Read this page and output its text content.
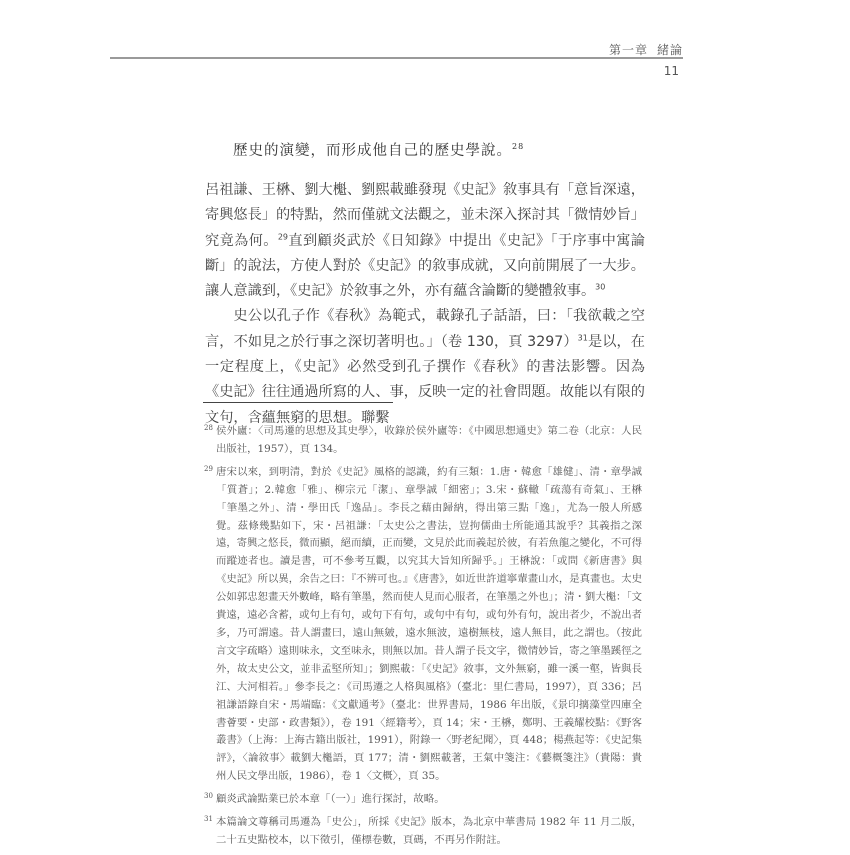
第一章 緒論
11
歷史的演變，而形成他自己的歷史學說。$^{28}$

呂祖謙、王楙、劉大櫆、劉熙載雖發現《史記》敘事具有「意旨深遠，寄興悠長」的特點，然而僅就文法觀之，並未深入探討其「微情妙旨」究竟為何。$^{29}$直到顧炎武於《日知錄》中提出《史記》「于序事中寓論斷」的說法，方使人對於《史記》的敘事成就，又向前開展了一大步。讓人意識到，《史記》於敘事之外，亦有蘊含論斷的變體敘事。$^{30}$

史公以孔子作《春秋》為範式，載錄孔子話語，曰：「我欲載之空言，不如見之於行事之深切著明也。」（卷 130，頁 3297）$^{31}$是以，在一定程度上，《史記》必然受到孔子撰作《春秋》的書法影響。因為《史記》往往通過所寫的人、事，反映一定的社會問題。故能以有限的文句，含蘊無窮的思想。聯繫

28 侯外廬：〈司馬遷的思想及其史學〉，收錄於侯外廬等：《中國思想通史》第二卷（北京：人民出版社，1957），頁 134。
29 唐宋以來，到明清，對於《史記》風格的認識，約有三類：1.唐・韓愈「雄健」、清・章學誠「質蒼」；2.韓愈「雅」、柳宗元「潔」、章學誠「細密」；3.宋・蘇轍「疏蕩有奇氣」、王楙「筆墨之外」、清・學田氏「逸品」。李長之藉由歸納，得出第三點「逸」，尤為一般人所感覺。茲條幾點如下，宋・呂祖謙：「太史公之書法，豈拘儒曲士所能通其說乎？其義指之深遠，寄興之悠長，微而顯，絕而續，正而變，文見於此而義起於彼，有若魚龍之變化，不可得而蹤迹者也。讀是書，可不參考互觀，以究其大旨知所歸乎。」王楙說：「或問《新唐書》與《史記》所以異，余告之曰：『不辨可也。』《唐書》，如近世許道寧輩畫山水，是真畫也。太史公如郭忠恕畫天外數峰，略有筆墨，然而使人見而心服者，在筆墨之外也」；清・劉大櫆：「文貴遠，遠必含蓄，或句上有句，或句下有句，或句中有句，或句外有句，說出者少，不說出者多，乃可謂遠。昔人謂畫曰，遠山無皴，遠水無波，遠樹無枝，遠人無目，此之謂也。（按此言文字疏略）遠則味永，文至味永，則無以加。昔人謂子長文字，微情妙旨，寄之筆墨蹊徑之外，故太史公文，並非孟堅所知」；劉熙載：「《史記》敘事，文外無窮，雖一溪一壑，皆與長江、大河相若。」參李長之：《司馬遷之人格與風格》（臺北：里仁書局，1997），頁 336；呂祖謙語錄自宋・馬端臨：《文獻通考》（臺北：世界書局，1986 年出版，《景印摛藻堂四庫全書薈要・史部・政書類》），卷 191〈經籍考〉，頁 14；宋・王楙，鄭明、王義耀校點：《野客叢書》（上海：上海古籍出版社，1991），附錄一〈野老紀聞〉，頁 448；楊燕起等：《史記集評》，〈論敘事〉載劉大櫆語，頁 177；清・劉熙載著，王氣中箋注：《藝概箋注》（貴陽：貴州人民文學出版，1986），卷 1〈文概〉，頁 35。
30 顧炎武論點業已於本章「（一）」進行探討，故略。
31 本篇論文尊稱司馬遷為「史公」，所採《史記》版本，為北京中華書局 1982 年 11 月二版，二十五史點校本，以下徵引，僅標卷數，頁碼，不再另作附註。
